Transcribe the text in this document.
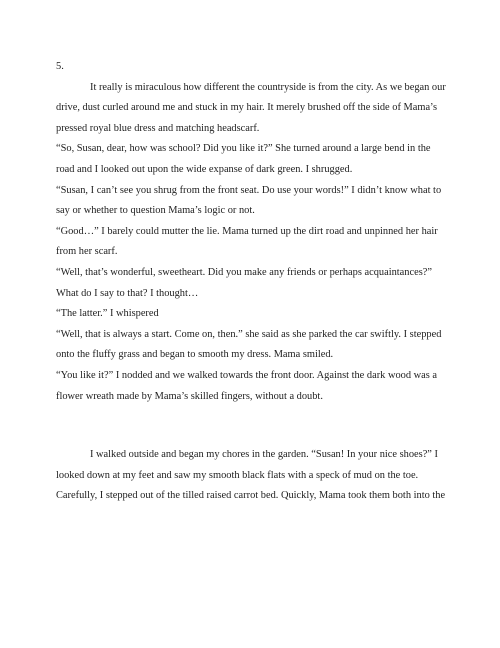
5.

It really is miraculous how different the countryside is from the city. As we began our drive, dust curled around me and stuck in my hair. It merely brushed off the side of Mama’s pressed royal blue dress and matching headscarf.

“So, Susan, dear, how was school? Did you like it?” She turned around a large bend in the road and I looked out upon the wide expanse of dark green. I shrugged.

“Susan, I can’t see you shrug from the front seat. Do use your words!” I didn’t know what to say or whether to question Mama’s logic or not.

“Good…” I barely could mutter the lie. Mama turned up the dirt road and unpinned her hair from her scarf.

“Well, that’s wonderful, sweetheart. Did you make any friends or perhaps acquaintances?” What do I say to that? I thought…

“The latter.” I whispered

“Well, that is always a start. Come on, then.” she said as she parked the car swiftly. I stepped onto the fluffy grass and began to smooth my dress. Mama smiled.

“You like it?” I nodded and we walked towards the front door. Against the dark wood was a flower wreath made by Mama’s skilled fingers, without a doubt.

I walked outside and began my chores in the garden. “Susan! In your nice shoes?” I looked down at my feet and saw my smooth black flats with a speck of mud on the toe. Carefully, I stepped out of the tilled raised carrot bed. Quickly, Mama took them both into the
